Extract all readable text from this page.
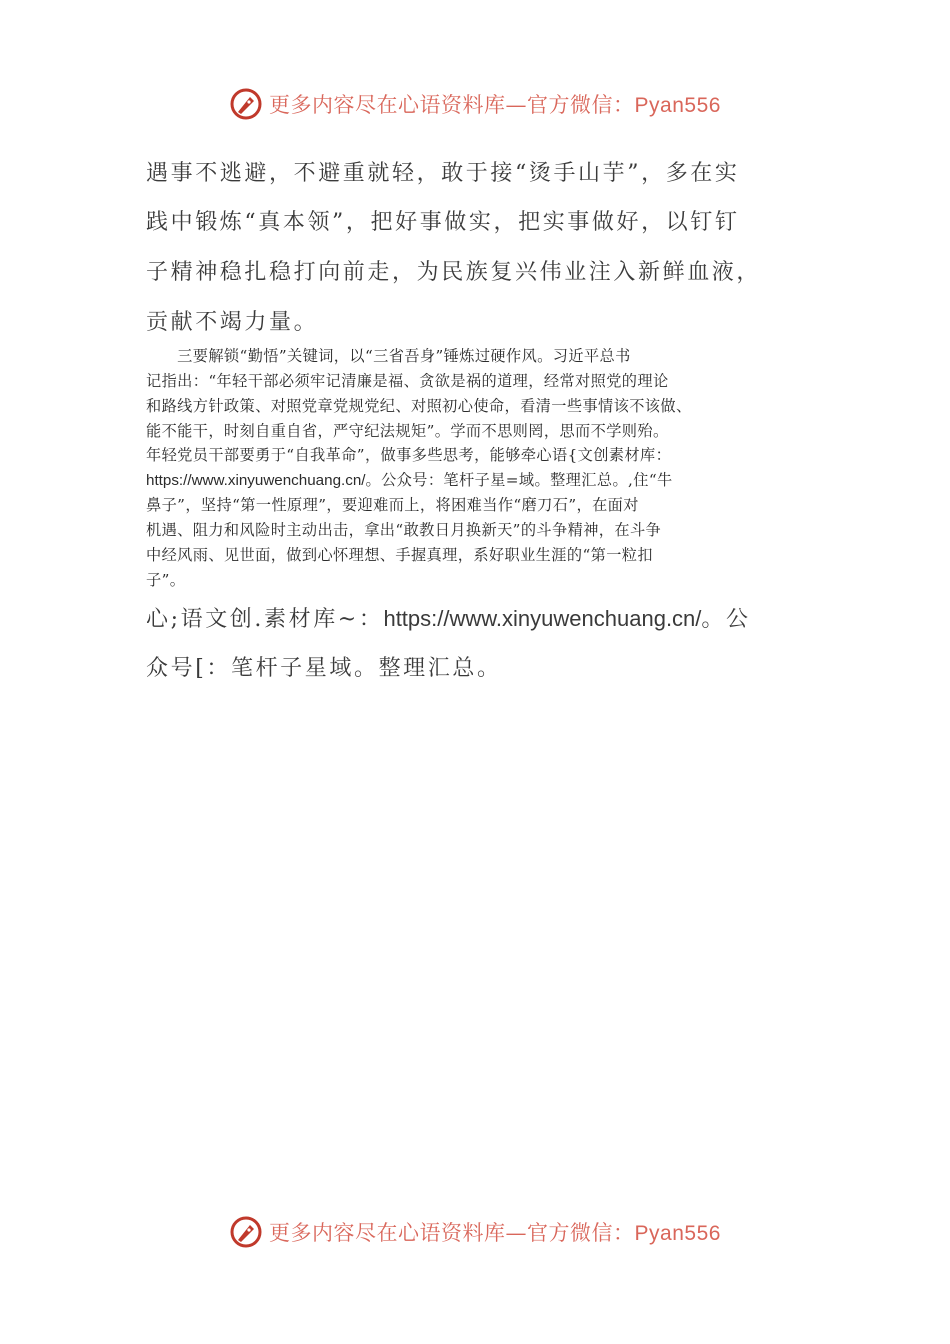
更多内容尽在心语资料库—官方微信：Pyan556
遇事不逃避，不避重就轻，敢于接“烫手山芋”，多在实
践中锻炼“真本领”，把好事做实，把实事做好，以钉钉
子精神稳扎稳打向前走，为民族复兴伟业注入新鲜血液，
贡献不竭力量。
　　三要解锁“勤悟”关键词，以“三省吾身”锤炼过硬作风。习近平总书
记指出：“年轻干部必须牢记清廉是福、贪欲是祸的道理，经常对照党的理论
和路线方针政策、对照党章党规党纪、对照初心使命，看清一些事情该不该做、
能不能干，时刻自重自省，严守纪法规矩”。学而不思则罔，思而不学则殆。
年轻党员干部要勇于“自我革命”，做事多些思考，能够牵心语{文创素材库：
https://www.xinyuwenchuang.cn/。公众号：笔杆子星=域。整理汇总。,住“牛
鼻子”，坚持“第一性原理”，要迎难而上，将困难当作“磨刀石”，在面对
机遇、阻力和风险时主动出击，拿出“敢教日月换新天”的斗争精神，在斗争
中经风雨、见世面，做到心怀理想、手握真理，系好职业生涯的“第一粒扣
子”。
心;语文创.素材库~：https://www.xinyuwenchuang.cn/。公
众号[：笔杆子星域。整理汇总。
更多内容尽在心语资料库—官方微信：Pyan556
